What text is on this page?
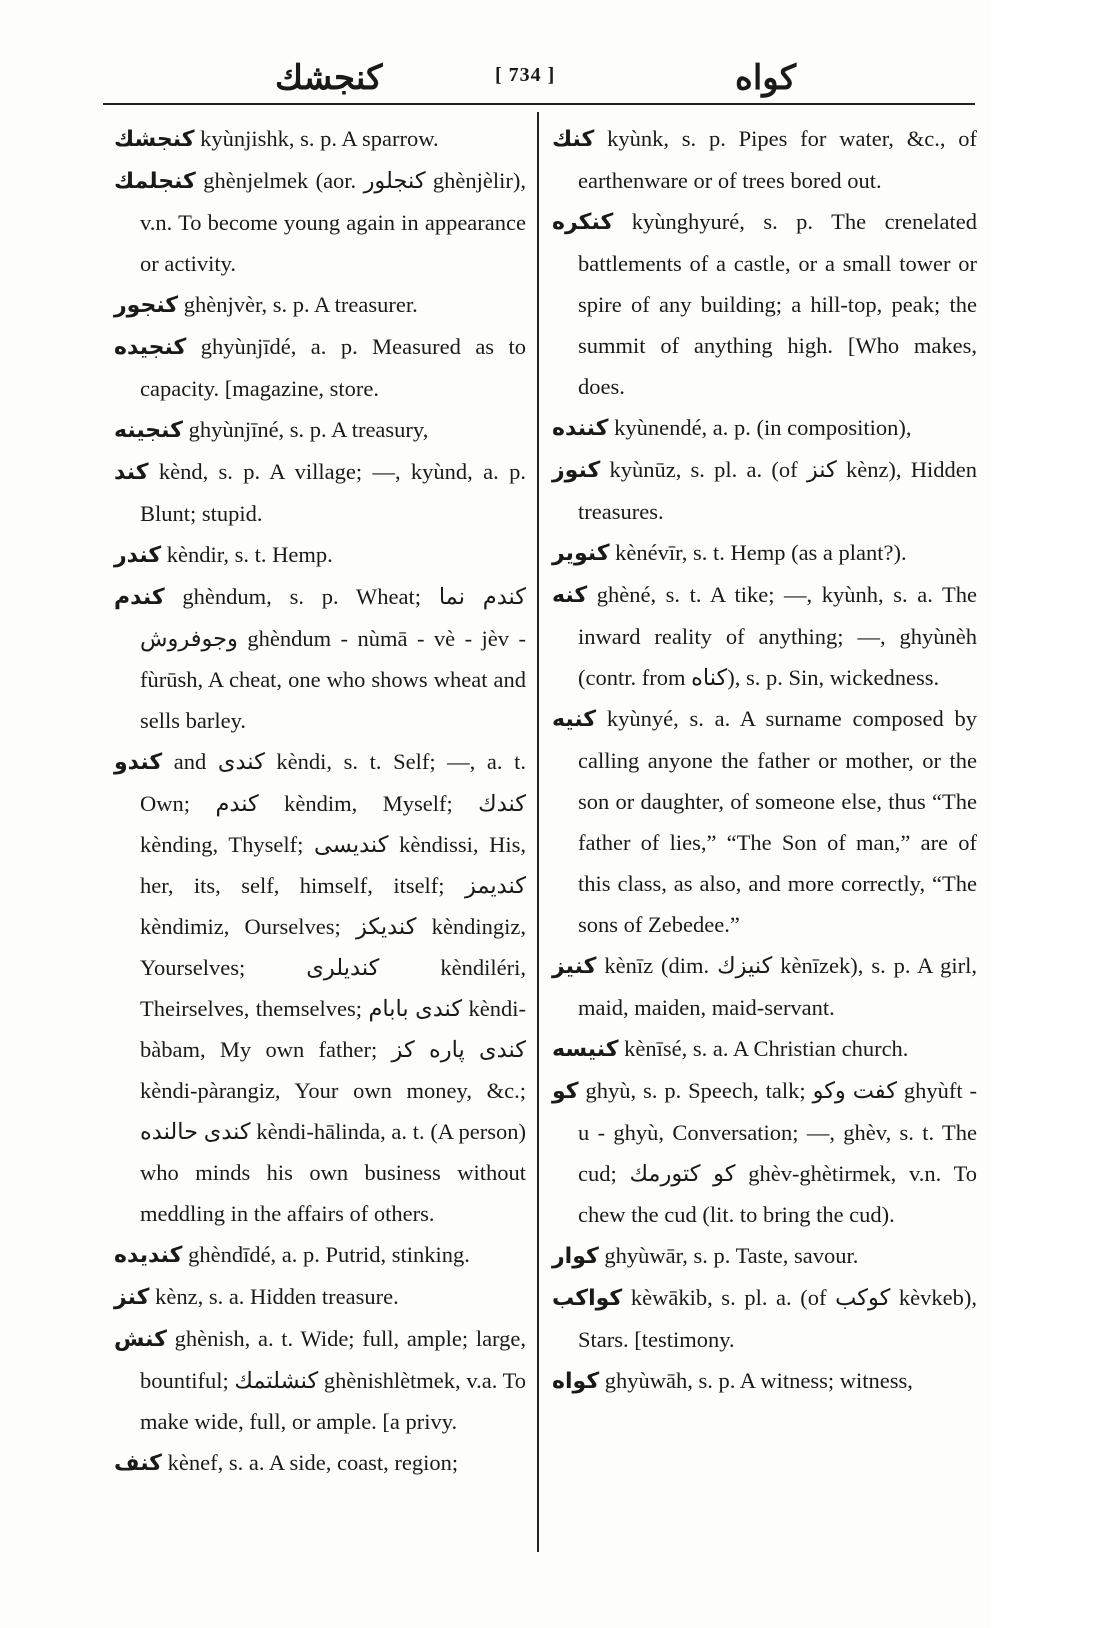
كنجشك	[ 734 ]	كواه

كنجشك kyùnjishk, s. p. A sparrow.

كنجلمك ghènjelmek (aor. كنجلور ghènjèlir), v.n. To become young again in appearance or activity.

كنجور ghènjvèr, s. p. A treasurer.

كنجيده ghyùnjīdé, a. p. Measured as to capacity. [magazine, store.

كنجينه ghyùnjīné, s. p. A treasury,

كند kènd, s. p. A village; —, kyùnd, a. p. Blunt; stupid.

كندر kèndir, s. t. Hemp.

كندم ghèndum, s. p. Wheat; كندم نما وجوفروش ghèndum - nùmā - vè - jèv - fùrūsh, A cheat, one who shows wheat and sells barley.

كندو and كندى kèndi, s. t. Self; —, a. t. Own; كندم kèndim, Myself; كندك kènding, Thyself; كنديسى kèndissi, His, her, its, self, himself, itself; كنديمز kèndimiz, Ourselves; كنديكز kèndingiz, Yourselves; كنديلرى kèndiléri, Theirselves, themselves; كندى بابام kèndi-bàbam, My own father; كندى پاره كز kèndi-pàrangiz, Your own money, &c.; كندى حالنده kèndi-hālinda, a. t. (A person) who minds his own business without meddling in the affairs of others.

كنديده ghèndīdé, a. p. Putrid, stinking.

كنز kènz, s. a. Hidden treasure.

كنش ghènish, a. t. Wide; full, ample; large, bountiful; كنشلتمك ghènishlètmek, v.a. To make wide, full, or ample. [a privy.

كنف kènef, s. a. A side, coast, region;

كنك kyùnk, s. p. Pipes for water, &c., of earthenware or of trees bored out.

كنكره kyùnghyuré, s. p. The crenelated battlements of a castle, or a small tower or spire of any building; a hill-top, peak; the summit of anything high. [Who makes, does.

كننده kyùnendé, a. p. (in composition),

كنوز kyùnūz, s. pl. a. (of كنز kènz), Hidden treasures.

كنوير kènévīr, s. t. Hemp (as a plant?).

كنه ghèné, s. t. A tike; —, kyùnh, s. a. The inward reality of anything; —, ghyùnèh (contr. from كناه), s. p. Sin, wickedness.

كنيه kyùnyé, s. a. A surname composed by calling anyone the father or mother, or the son or daughter, of someone else, thus “The father of lies,” “The Son of man,” are of this class, as also, and more correctly, “The sons of Zebedee.”

كنيز kènīz (dim. كنيزك kènīzek), s. p. A girl, maid, maiden, maid-servant.

كنيسه kènīsé, s. a. A Christian church.

كو ghyù, s. p. Speech, talk; كفت وكو ghyùft - u - ghyù, Conversation; —, ghèv, s. t. The cud; كو كتورمك ghèv-ghètirmek, v.n. To chew the cud (lit. to bring the cud).

كوار ghyùwār, s. p. Taste, savour.

كواكب kèwākib, s. pl. a. (of كوكب kèvkeb), Stars. [testimony.

كواه ghyùwāh, s. p. A witness; witness,
